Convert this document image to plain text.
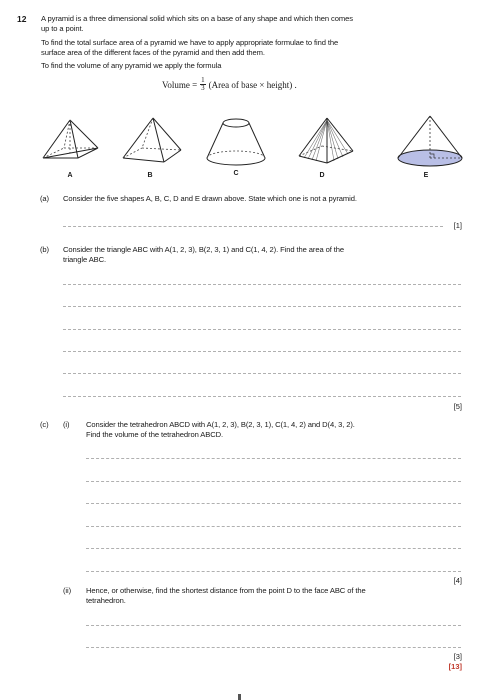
12 A pyramid is a three dimensional solid which sits on a base of any shape and which then comes
up to a point.
To find the total surface area of a pyramid we have to apply appropriate formulae to find the
surface area of the different faces of the pyramid and then add them.
To find the volume of any pyramid we apply the formula
Volume = $\frac{1}{3}$ (Area of base × height) .
A	B	C	D	E
(a) Consider the five shapes A, B, C, D and E drawn above. State which one is not a pyramid.
[1]
(b) Consider the triangle ABC with A(1, 2, 3), B(2, 3, 1) and C(1, 4, 2). Find the area of the
triangle ABC.
[5]
(c) (i) Consider the tetrahedron ABCD with A(1, 2, 3), B(2, 3, 1), C(1, 4, 2) and D(4, 3, 2).
Find the volume of the tetrahedron ABCD.
[4]
(ii) Hence, or otherwise, find the shortest distance from the point D to the face ABC of the
tetrahedron.
[3]
[13]
